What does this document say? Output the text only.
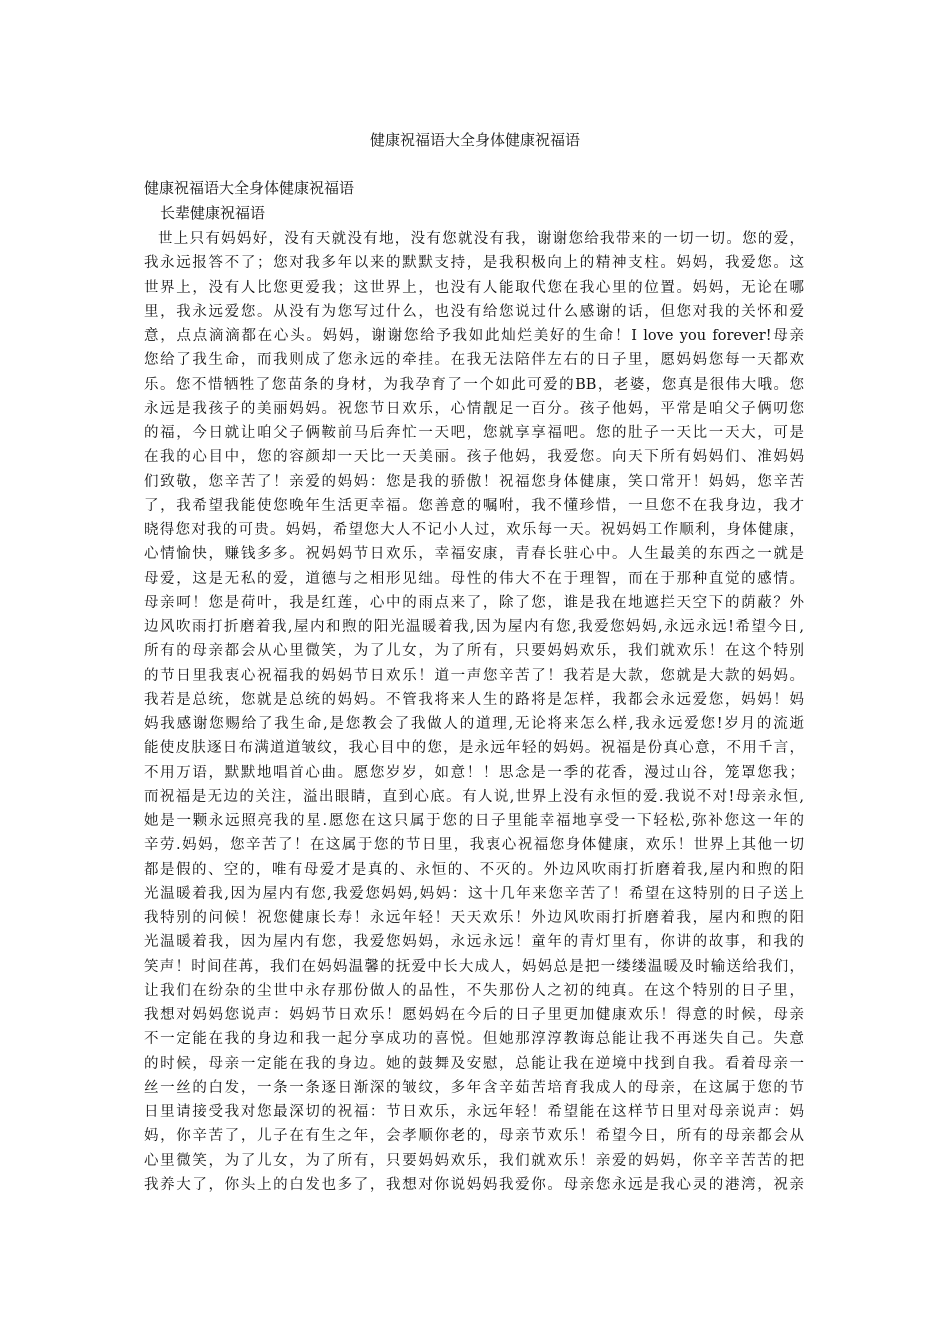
健康祝福语大全身体健康祝福语
健康祝福语大全身体健康祝福语
长辈健康祝福语
世上只有妈妈好，没有天就没有地，没有您就没有我，谢谢您给我带来的一切一切。您的爱，
我永远报答不了；您对我多年以来的默默支持，是我积极向上的精神支柱。妈妈，我爱您。这
世界上，没有人比您更爱我；这世界上，也没有人能取代您在我心里的位置。妈妈，无论在哪
里，我永远爱您。从没有为您写过什么，也没有给您说过什么感谢的话，但您对我的关怀和爱
意，点点滴滴都在心头。妈妈，谢谢您给予我如此灿烂美好的生命！I love you forever!母亲
您给了我生命，而我则成了您永远的牵挂。在我无法陪伴左右的日子里，愿妈妈您每一天都欢
乐。您不惜牺牲了您苗条的身材，为我孕育了一个如此可爱的BB，老婆，您真是很伟大哦。您
永远是我孩子的美丽妈妈。祝您节日欢乐，心情靓足一百分。孩子他妈，平常是咱父子俩叨您
的福，今日就让咱父子俩鞍前马后奔忙一天吧，您就享享福吧。您的肚子一天比一天大，可是
在我的心目中，您的容颜却一天比一天美丽。孩子他妈，我爱您。向天下所有妈妈们、准妈妈
们致敬，您辛苦了！亲爱的妈妈：您是我的骄傲！祝福您身体健康，笑口常开！妈妈，您辛苦
了，我希望我能使您晚年生活更幸福。您善意的嘱咐，我不懂珍惜，一旦您不在我身边，我才
晓得您对我的可贵。妈妈，希望您大人不记小人过，欢乐每一天。祝妈妈工作顺利，身体健康，
心情愉快，赚钱多多。祝妈妈节日欢乐，幸福安康，青春长驻心中。人生最美的东西之一就是
母爱，这是无私的爱，道德与之相形见绌。母性的伟大不在于理智，而在于那种直觉的感情。
母亲呵！您是荷叶，我是红莲，心中的雨点来了，除了您，谁是我在地遮拦天空下的荫蔽？外
边风吹雨打折磨着我,屋内和煦的阳光温暖着我,因为屋内有您,我爱您妈妈,永远永远!希望今日,
所有的母亲都会从心里微笑，为了儿女，为了所有，只要妈妈欢乐，我们就欢乐！在这个特别
的节日里我衷心祝福我的妈妈节日欢乐！道一声您辛苦了！我若是大款，您就是大款的妈妈。
我若是总统，您就是总统的妈妈。不管我将来人生的路将是怎样，我都会永远爱您，妈妈！妈
妈我感谢您赐给了我生命,是您教会了我做人的道理,无论将来怎么样,我永远爱您!岁月的流逝
能使皮肤逐日布满道道皱纹，我心目中的您，是永远年轻的妈妈。祝福是份真心意，不用千言，
不用万语，默默地唱首心曲。愿您岁岁，如意！！思念是一季的花香，漫过山谷，笼罩您我；
而祝福是无边的关注，溢出眼睛，直到心底。有人说,世界上没有永恒的爱.我说不对!母亲永恒,
她是一颗永远照亮我的星.愿您在这只属于您的日子里能幸福地享受一下轻松,弥补您这一年的
辛劳.妈妈，您辛苦了！在这属于您的节日里，我衷心祝福您身体健康，欢乐！世界上其他一切
都是假的、空的，唯有母爱才是真的、永恒的、不灭的。外边风吹雨打折磨着我,屋内和煦的阳
光温暖着我,因为屋内有您,我爱您妈妈,妈妈：这十几年来您辛苦了！希望在这特别的日子送上
我特别的问候！祝您健康长寿！永远年轻！天天欢乐！外边风吹雨打折磨着我，屋内和煦的阳
光温暖着我，因为屋内有您，我爱您妈妈，永远永远！童年的青灯里有，你讲的故事，和我的
笑声！时间荏苒，我们在妈妈温馨的抚爱中长大成人，妈妈总是把一缕缕温暖及时输送给我们，
让我们在纷杂的尘世中永存那份做人的品性，不失那份人之初的纯真。在这个特别的日子里，
我想对妈妈您说声：妈妈节日欢乐！愿妈妈在今后的日子里更加健康欢乐！得意的时候，母亲
不一定能在我的身边和我一起分享成功的喜悦。但她那淳淳教诲总能让我不再迷失自己。失意
的时候，母亲一定能在我的身边。她的鼓舞及安慰，总能让我在逆境中找到自我。看着母亲一
丝一丝的白发，一条一条逐日渐深的皱纹，多年含辛茹苦培育我成人的母亲，在这属于您的节
日里请接受我对您最深切的祝福：节日欢乐，永远年轻！希望能在这样节日里对母亲说声：妈
妈，你辛苦了，儿子在有生之年，会孝顺你老的，母亲节欢乐！希望今日，所有的母亲都会从
心里微笑，为了儿女，为了所有，只要妈妈欢乐，我们就欢乐！亲爱的妈妈，你辛辛苦苦的把
我养大了，你头上的白发也多了，我想对你说妈妈我爱你。母亲您永远是我心灵的港湾，祝亲
